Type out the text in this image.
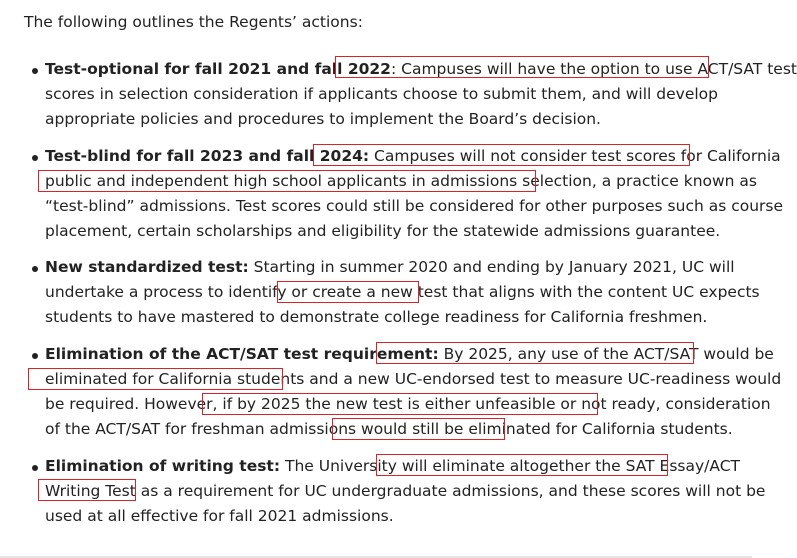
The following outlines the Regents’ actions:
Test-optional for fall 2021 and fall 2022: Campuses will have the option to use ACT/SAT test
scores in selection consideration if applicants choose to submit them, and will develop
appropriate policies and procedures to implement the Board’s decision.
Test-blind for fall 2023 and fall 2024: Campuses will not consider test scores for California
public and independent high school applicants in admissions selection, a practice known as
“test-blind” admissions. Test scores could still be considered for other purposes such as course
placement, certain scholarships and eligibility for the statewide admissions guarantee.
New standardized test: Starting in summer 2020 and ending by January 2021, UC will
undertake a process to identify or create a new test that aligns with the content UC expects
students to have mastered to demonstrate college readiness for California freshmen.
Elimination of the ACT/SAT test requirement: By 2025, any use of the ACT/SAT would be
eliminated for California students and a new UC-endorsed test to measure UC-readiness would
be required. However, if by 2025 the new test is either unfeasible or not ready, consideration
of the ACT/SAT for freshman admissions would still be eliminated for California students.
Elimination of writing test: The University will eliminate altogether the SAT Essay/ACT
Writing Test as a requirement for UC undergraduate admissions, and these scores will not be
used at all effective for fall 2021 admissions.
